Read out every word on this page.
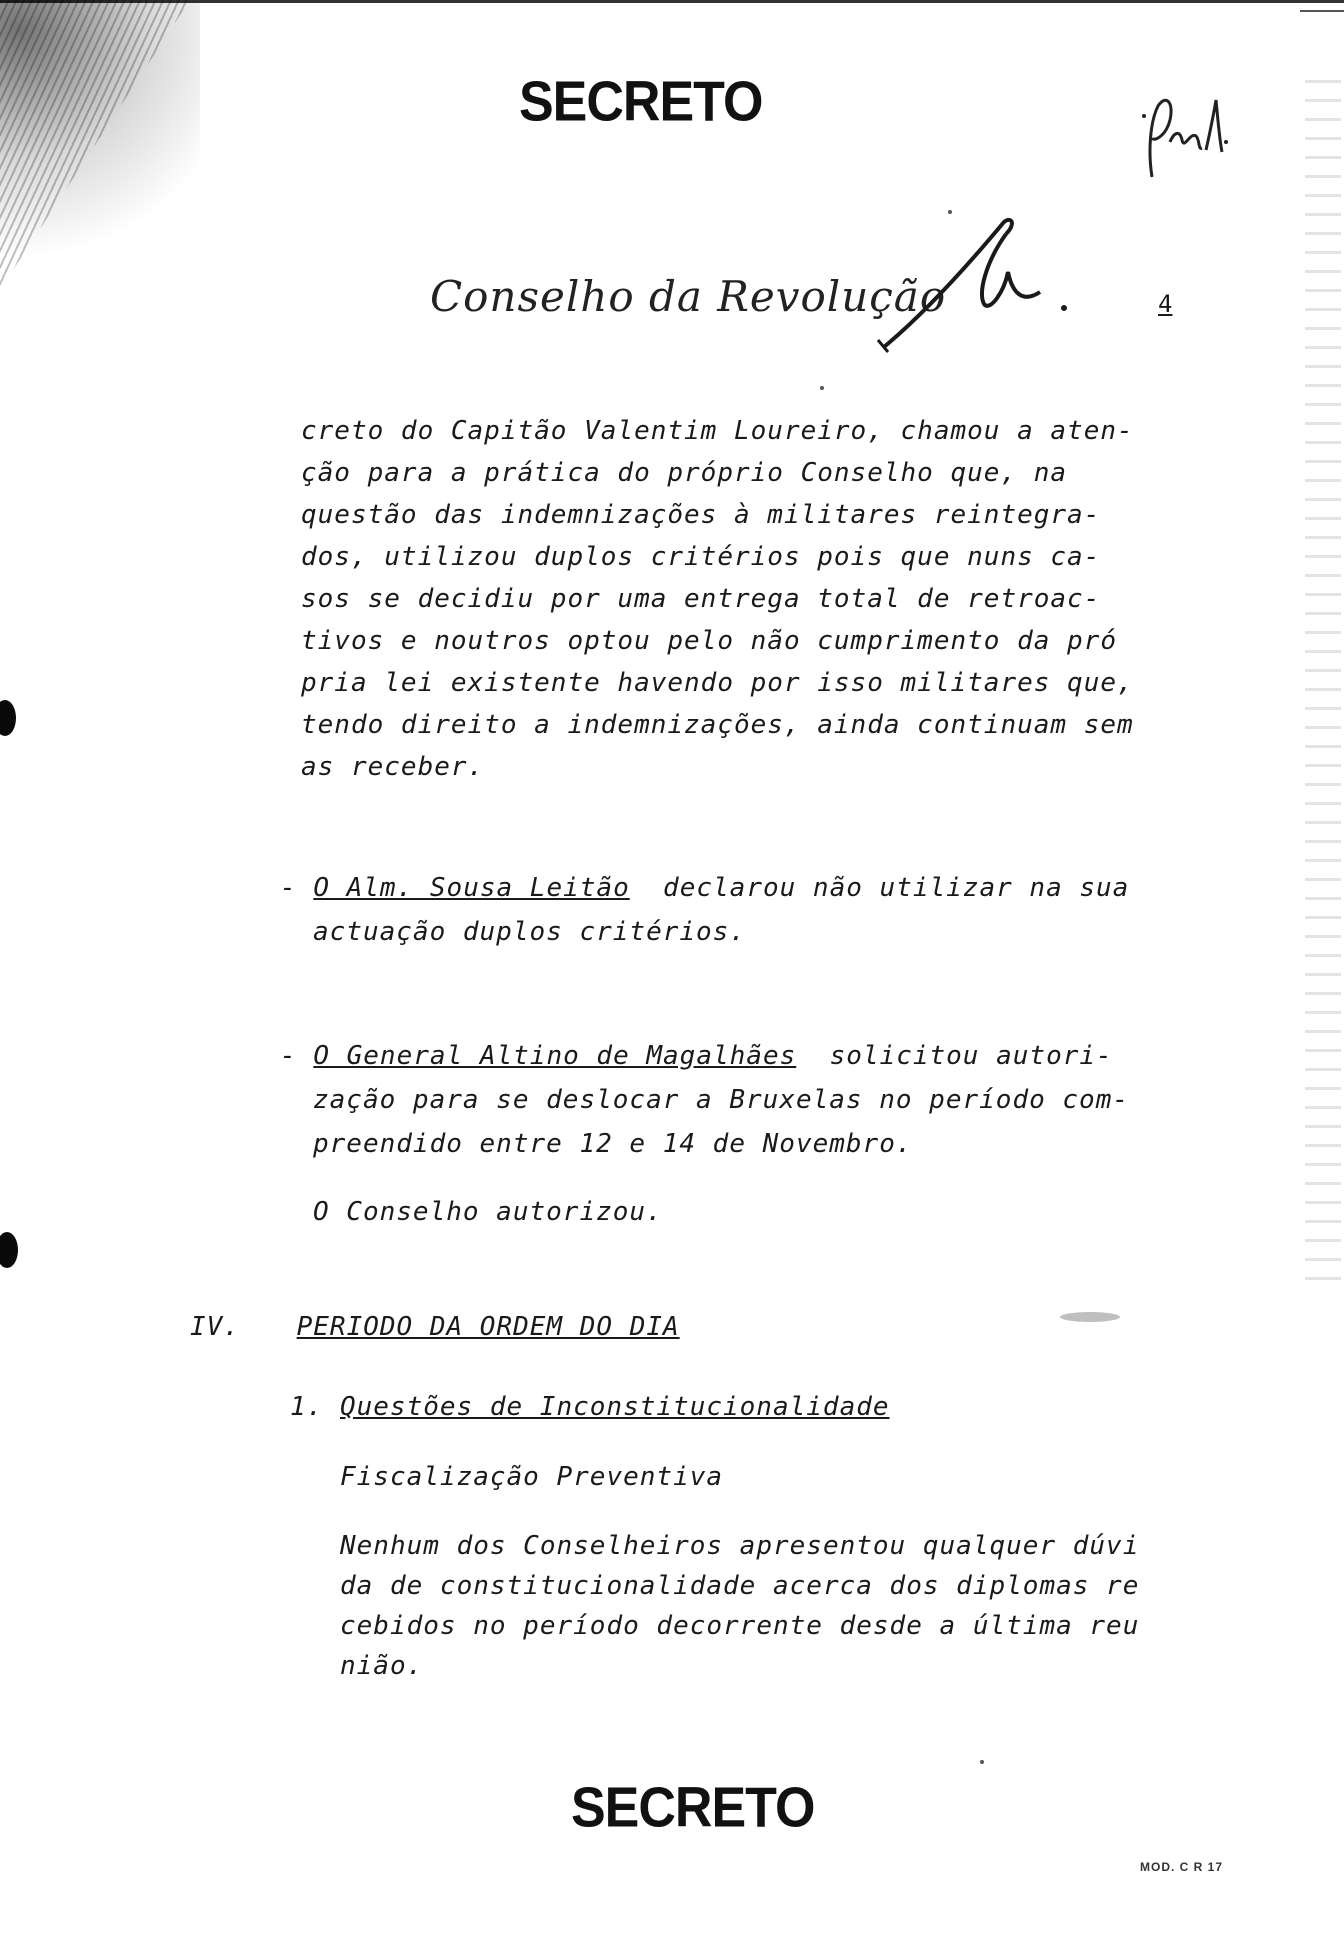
SECRETO
Conselho da Revolução	4
creto do Capitão Valentim Loureiro, chamou a aten-
ção para a prática do próprio Conselho que, na
questão das indemnizações à militares reintegra-
dos, utilizou duplos critérios pois que nuns ca-
sos se decidiu por uma entrega total de retroac-
tivos e noutros optou pelo não cumprimento da pró
pria lei existente havendo por isso militares que,
tendo direito a indemnizações, ainda continuam sem
as receber.
- O Alm. Sousa Leitão declarou não utilizar na sua
actuação duplos critérios.
- O General Altino de Magalhães solicitou autori-
zação para se deslocar a Bruxelas no período com-
preendido entre 12 e 14 de Novembro.
O Conselho autorizou.
IV. PERIODO DA ORDEM DO DIA
1. Questões de Inconstitucionalidade
Fiscalização Preventiva
Nenhum dos Conselheiros apresentou qualquer dúvi
da de constitucionalidade acerca dos diplomas re
cebidos no período decorrente desde a última reu
nião.
SECRETO
MOD. C R 17
